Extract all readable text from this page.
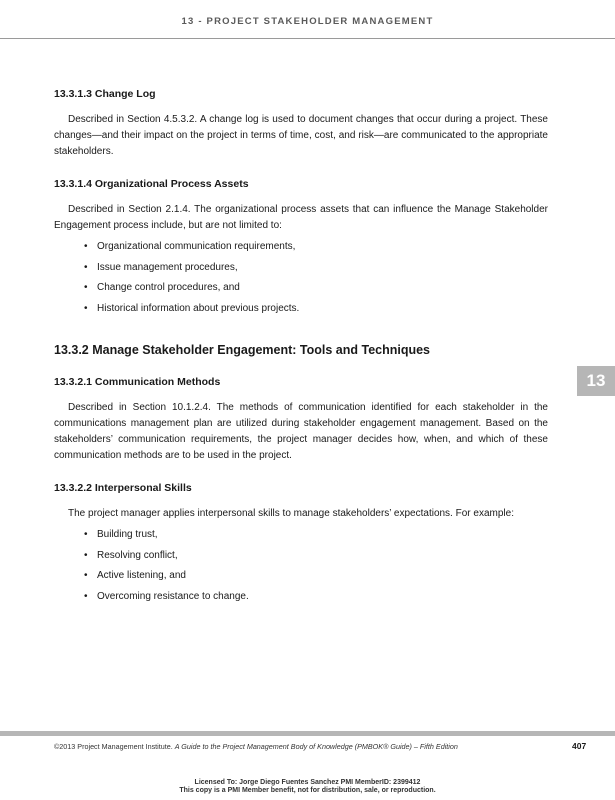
13 - PROJECT STAKEHOLDER MANAGEMENT

13.3.1.3 Change Log

Described in Section 4.5.3.2. A change log is used to document changes that occur during a project. These changes—and their impact on the project in terms of time, cost, and risk—are communicated to the appropriate stakeholders.

13.3.1.4 Organizational Process Assets

Described in Section 2.1.4. The organizational process assets that can influence the Manage Stakeholder Engagement process include, but are not limited to:

• Organizational communication requirements,
• Issue management procedures,
• Change control procedures, and
• Historical information about previous projects.

13.3.2 Manage Stakeholder Engagement: Tools and Techniques

13.3.2.1 Communication Methods

Described in Section 10.1.2.4. The methods of communication identified for each stakeholder in the communications management plan are utilized during stakeholder engagement management. Based on the stakeholders’ communication requirements, the project manager decides how, when, and which of these communication methods are to be used in the project.

13.3.2.2 Interpersonal Skills

The project manager applies interpersonal skills to manage stakeholders’ expectations. For example:

• Building trust,
• Resolving conflict,
• Active listening, and
• Overcoming resistance to change.
13
©2013 Project Management Institute. A Guide to the Project Management Body of Knowledge (PMBOK® Guide) – Fifth Edition	407
Licensed To: Jorge Diego Fuentes Sanchez PMI MemberID: 2399412
This copy is a PMI Member benefit, not for distribution, sale, or reproduction.
